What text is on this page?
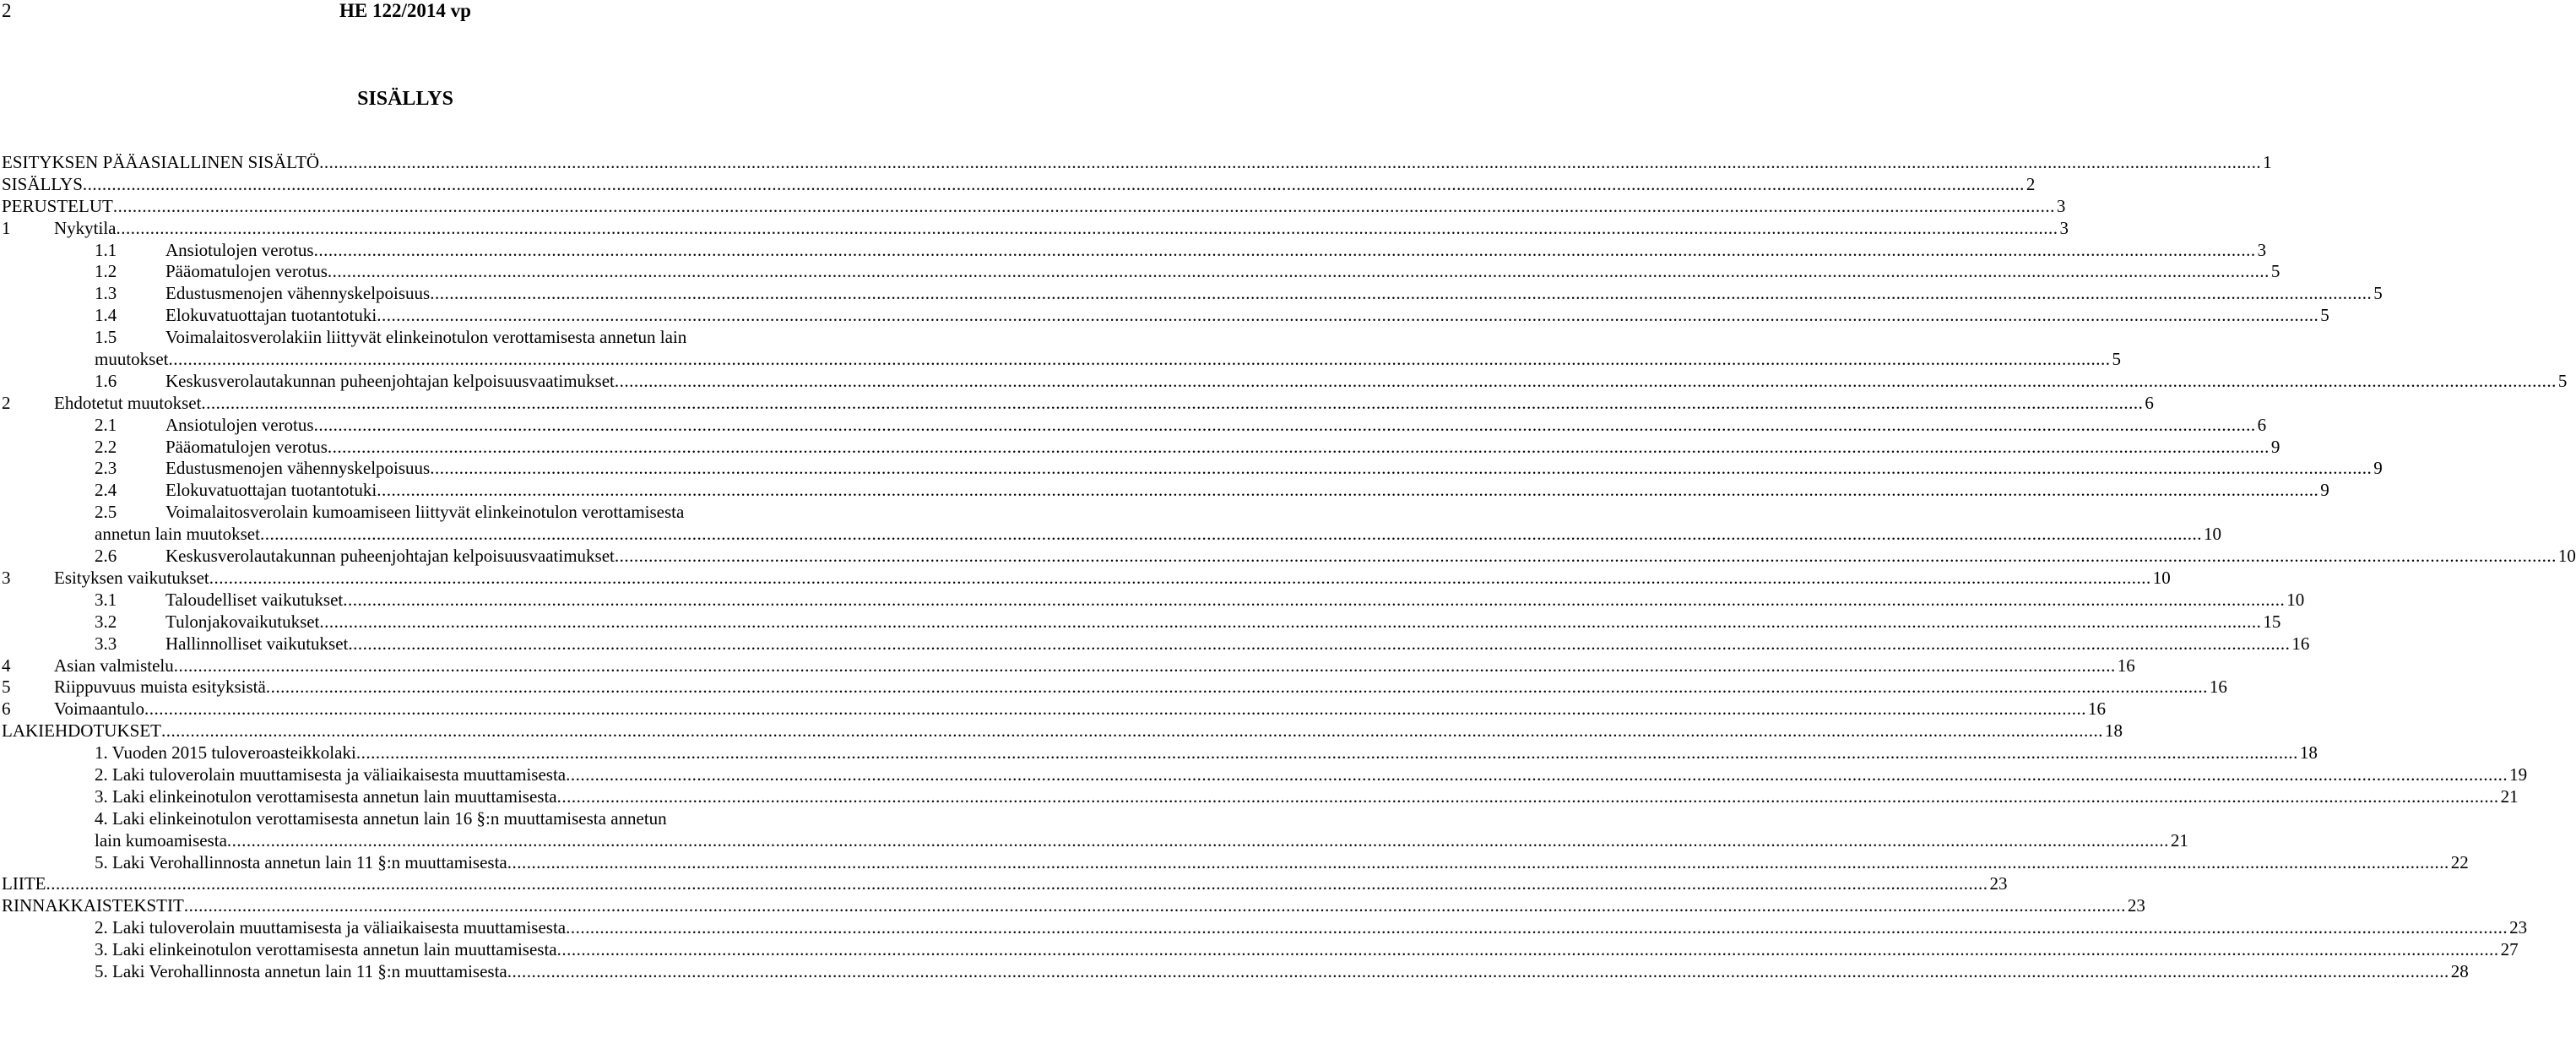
2	HE 122/2014 vp
SISÄLLYS
ESITYKSEN PÄÄASIALLINEN SISÄLTÖ ................................................................................................................................................................................................................................................................................................................................................................................................................ 1
SISÄLLYS ................................................................................................................................................................................................................................................................................................................................................................................................................ 2
PERUSTELUT ................................................................................................................................................................................................................................................................................................................................................................................................................ 3
1 Nykytila ................................................................................................................................................................................................................................................................................................................................................................................................................ 3
1.1	Ansiotulojen verotus ................................................................................................................................................................................................................................................................................................................................................................................................................ 3
1.2	Pääomatulojen verotus ................................................................................................................................................................................................................................................................................................................................................................................................................ 5
1.3	Edustusmenojen vähennyskelpoisuus ................................................................................................................................................................................................................................................................................................................................................................................................................ 5
1.4	Elokuvatuottajan tuotantotuki ................................................................................................................................................................................................................................................................................................................................................................................................................ 5
1.5	Voimalaitosverolakiin liittyvät elinkeinotulon verottamisesta annetun lain
muutokset ................................................................................................................................................................................................................................................................................................................................................................................................................ 5
1.6	Keskusverolautakunnan puheenjohtajan kelpoisuusvaatimukset ................................................................................................................................................................................................................................................................................................................................................................................................................ 5
2 Ehdotetut muutokset ................................................................................................................................................................................................................................................................................................................................................................................................................ 6
2.1	Ansiotulojen verotus ................................................................................................................................................................................................................................................................................................................................................................................................................ 6
2.2	Pääomatulojen verotus ................................................................................................................................................................................................................................................................................................................................................................................................................ 9
2.3	Edustusmenojen vähennyskelpoisuus ................................................................................................................................................................................................................................................................................................................................................................................................................ 9
2.4	Elokuvatuottajan tuotantotuki ................................................................................................................................................................................................................................................................................................................................................................................................................ 9
2.5	Voimalaitosverolain kumoamiseen liittyvät elinkeinotulon verottamisesta
annetun lain muutokset ................................................................................................................................................................................................................................................................................................................................................................................................................ 10
2.6	Keskusverolautakunnan puheenjohtajan kelpoisuusvaatimukset ................................................................................................................................................................................................................................................................................................................................................................................................................ 10
3 Esityksen vaikutukset ................................................................................................................................................................................................................................................................................................................................................................................................................ 10
3.1	Taloudelliset vaikutukset ................................................................................................................................................................................................................................................................................................................................................................................................................ 10
3.2	Tulonjakovaikutukset ................................................................................................................................................................................................................................................................................................................................................................................................................ 15
3.3	Hallinnolliset vaikutukset ................................................................................................................................................................................................................................................................................................................................................................................................................ 16
4 Asian valmistelu ................................................................................................................................................................................................................................................................................................................................................................................................................ 16
5 Riippuvuus muista esityksistä ................................................................................................................................................................................................................................................................................................................................................................................................................ 16
6 Voimaantulo ................................................................................................................................................................................................................................................................................................................................................................................................................ 16
LAKIEHDOTUKSET ................................................................................................................................................................................................................................................................................................................................................................................................................ 18
1. Vuoden 2015 tuloveroasteikkolaki ................................................................................................................................................................................................................................................................................................................................................................................................................ 18
2. Laki tuloverolain muuttamisesta ja väliaikaisesta muuttamisesta ................................................................................................................................................................................................................................................................................................................................................................................................................ 19
3. Laki elinkeinotulon verottamisesta annetun lain muuttamisesta ................................................................................................................................................................................................................................................................................................................................................................................................................ 21
4. Laki elinkeinotulon verottamisesta annetun lain 16 §:n muuttamisesta annetun
lain kumoamisesta ................................................................................................................................................................................................................................................................................................................................................................................................................ 21
5. Laki Verohallinnosta annetun lain 11 §:n muuttamisesta ................................................................................................................................................................................................................................................................................................................................................................................................................ 22
LIITE ................................................................................................................................................................................................................................................................................................................................................................................................................ 23
RINNAKKAISTEKSTIT ................................................................................................................................................................................................................................................................................................................................................................................................................ 23
2. Laki tuloverolain muuttamisesta ja väliaikaisesta muuttamisesta ................................................................................................................................................................................................................................................................................................................................................................................................................ 23
3. Laki elinkeinotulon verottamisesta annetun lain muuttamisesta ................................................................................................................................................................................................................................................................................................................................................................................................................ 27
5. Laki Verohallinnosta annetun lain 11 §:n muuttamisesta ................................................................................................................................................................................................................................................................................................................................................................................................................ 28
